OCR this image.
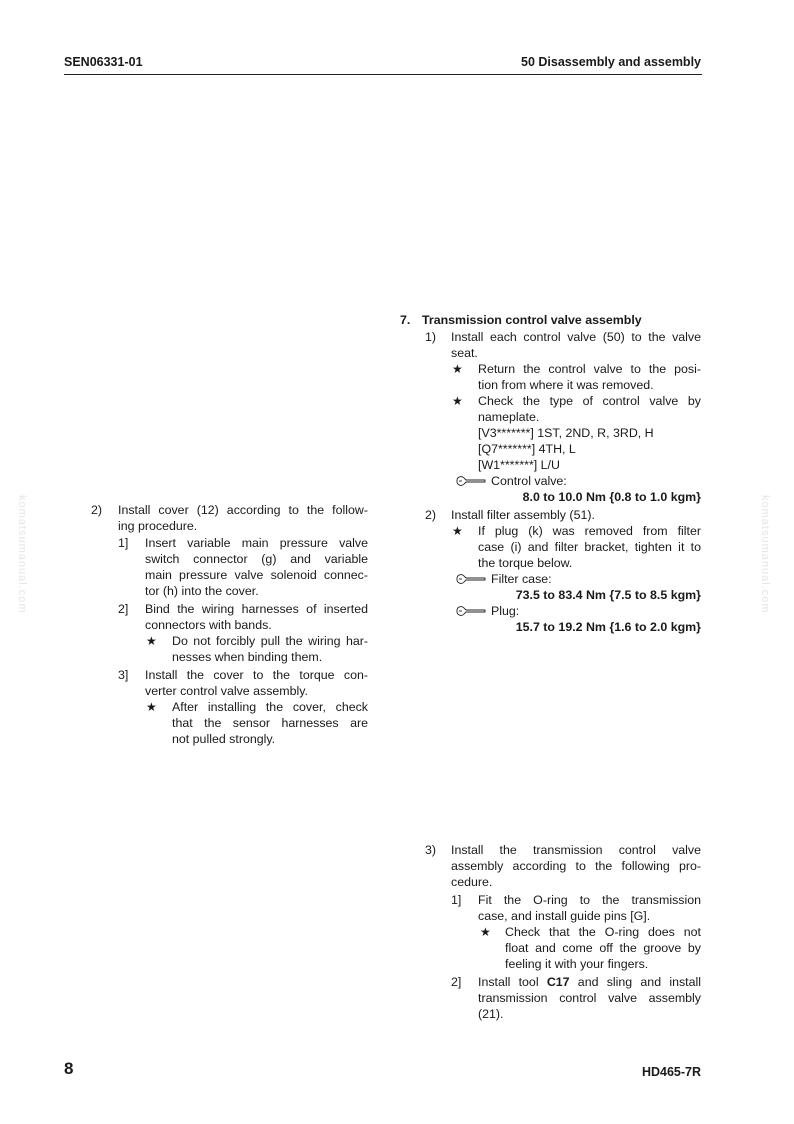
SEN06331-01	50 Disassembly and assembly
komatsumanual.com	komatsumanual.com
2) Install cover (12) according to the follow-
ing procedure.
1] Insert variable main pressure valve
switch connector (g) and variable
main pressure valve solenoid connec-
tor (h) into the cover.
2] Bind the wiring harnesses of inserted
connectors with bands.
★ Do not forcibly pull the wiring har-
nesses when binding them.
3] Install the cover to the torque con-
verter control valve assembly.
★ After installing the cover, check
that the sensor harnesses are
not pulled strongly.
7. Transmission control valve assembly
1) Install each control valve (50) to the valve
seat.
★ Return the control valve to the posi-
tion from where it was removed.
★ Check the type of control valve by
nameplate.
[V3*******] 1ST, 2ND, R, 3RD, H
[Q7*******] 4TH, L
[W1*******] L/U
Control valve:
8.0 to 10.0 Nm {0.8 to 1.0 kgm}
2) Install filter assembly (51).
★ If plug (k) was removed from filter
case (i) and filter bracket, tighten it to
the torque below.
Filter case:
73.5 to 83.4 Nm {7.5 to 8.5 kgm}
Plug:
15.7 to 19.2 Nm {1.6 to 2.0 kgm}
3) Install the transmission control valve
assembly according to the following pro-
cedure.
1] Fit the O-ring to the transmission
case, and install guide pins [G].
★ Check that the O-ring does not
float and come off the groove by
feeling it with your fingers.
2] Install tool C17 and sling and install
transmission control valve assembly
(21).
8	HD465-7R
